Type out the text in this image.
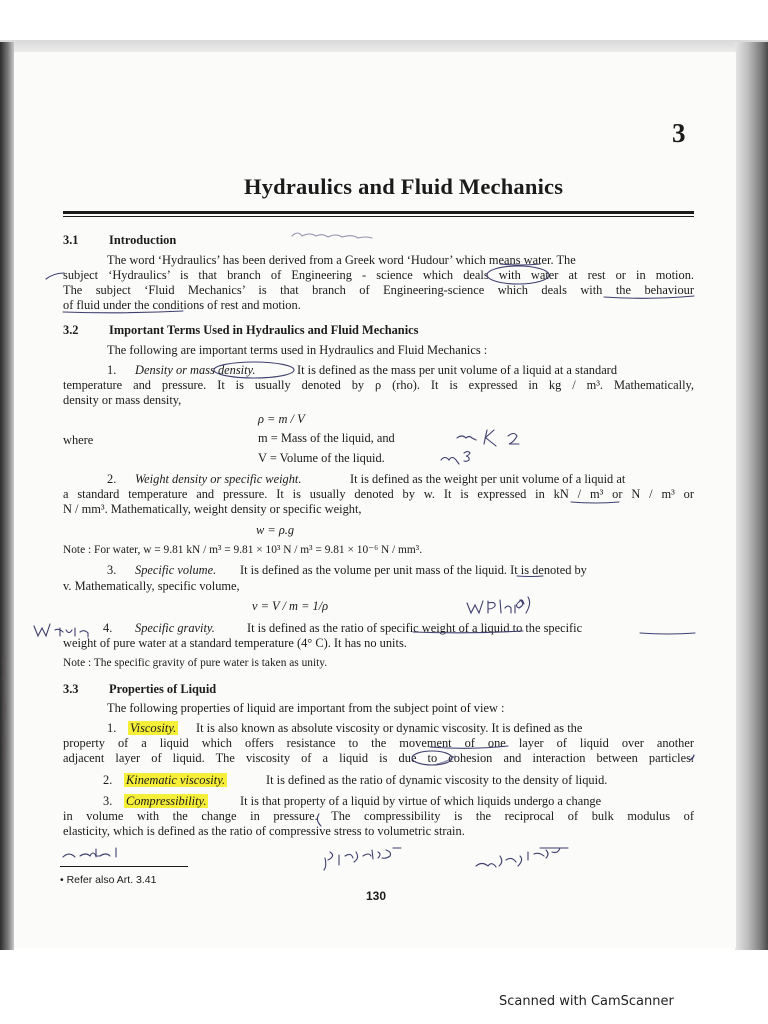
3
Hydraulics and Fluid Mechanics
3.1 Introduction
The word ‘Hydraulics’ has been derived from a Greek word ‘Hudour’ which means water. The
subject ‘Hydraulics’ is that branch of Engineering - science which deals with water at rest or in motion.
The subject ‘Fluid Mechanics’ is that branch of Engineering-science which deals with the behaviour
of fluid under the conditions of rest and motion.
3.2 Important Terms Used in Hydraulics and Fluid Mechanics
The following are important terms used in Hydraulics and Fluid Mechanics :
1. Density or mass density.	It is defined as the mass per unit volume of a liquid at a standard
temperature and pressure. It is usually denoted by ρ (rho). It is expressed in kg / m³. Mathematically,
density or mass density,
ρ = m / V
where	m = Mass of the liquid, and
V = Volume of the liquid.
2. Weight density or specific weight.	It is defined as the weight per unit volume of a liquid at
a standard temperature and pressure. It is usually denoted by w. It is expressed in kN / m³ or N / m³ or
N / mm³. Mathematically, weight density or specific weight,
w = ρ.g
Note : For water, w = 9.81 kN / m³ = 9.81 × 10³ N / m³ = 9.81 × 10⁻⁶ N / mm³.
3. Specific volume. It is defined as the volume per unit mass of the liquid. It is denoted by
v. Mathematically, specific volume,
v = V / m = 1/ρ
4. Specific gravity.	It is defined as the ratio of specific weight of a liquid to the specific
weight of pure water at a standard temperature (4° C). It has no units.
Note : The specific gravity of pure water is taken as unity.
3.3 Properties of Liquid
The following properties of liquid are important from the subject point of view :
1. Viscosity. It is also known as absolute viscosity or dynamic viscosity. It is defined as the
property of a liquid which offers resistance to the movement of one layer of liquid over another
adjacent layer of liquid. The viscosity of a liquid is due to cohesion and interaction between particles.
2. Kinematic viscosity.	It is defined as the ratio of dynamic viscosity to the density of liquid.
3. Compressibility.	It is that property of a liquid by virtue of which liquids undergo a change
in volume with the change in pressure. The compressibility is the reciprocal of bulk modulus of
elasticity, which is defined as the ratio of compressive stress to volumetric strain.
• Refer also Art. 3.41
130
Scanned with CamScanner
